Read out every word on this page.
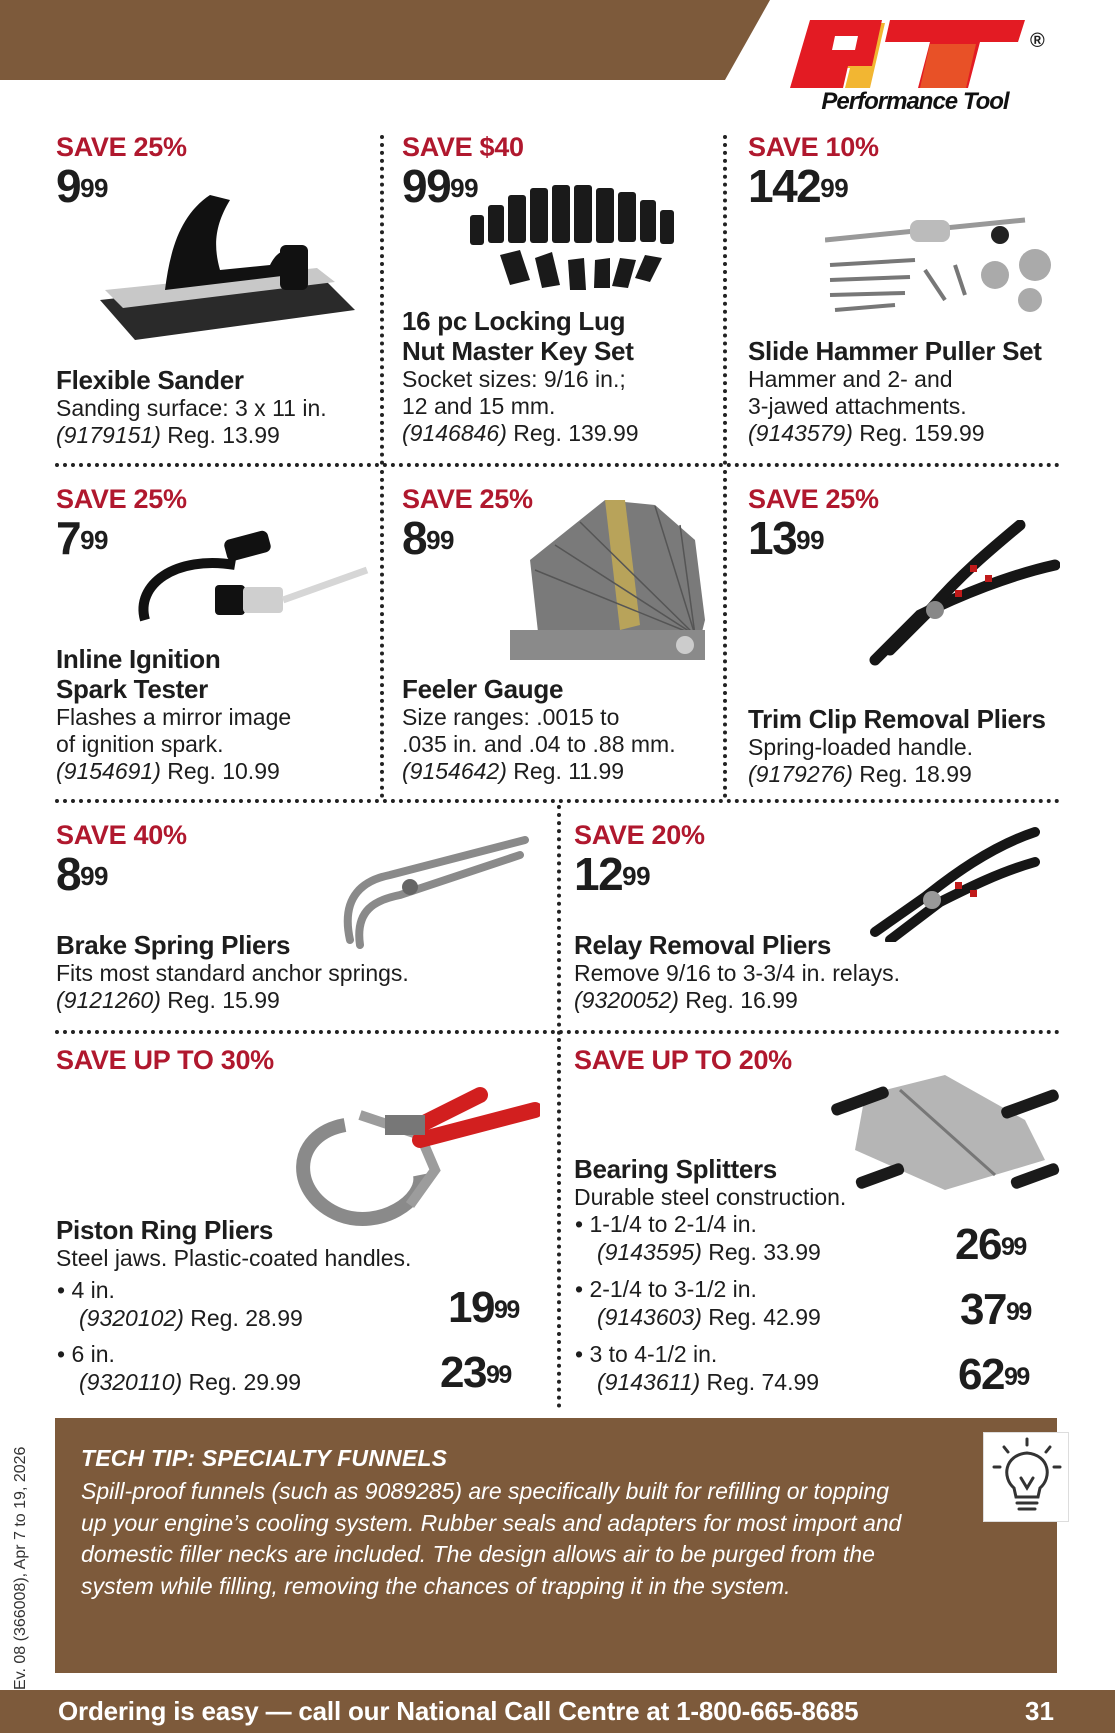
®
Performance Tool
SAVE 25%
$9^{99}$
Flexible Sander
Sanding surface: 3 x 11 in.
(9179151) Reg. 13.99
SAVE $40
$99^{99}$
16 pc Locking Lug
Nut Master Key Set
Socket sizes: 9/16 in.;
12 and 15 mm.
(9146846) Reg. 139.99
SAVE 10%
$142^{99}$
Slide Hammer Puller Set
Hammer and 2- and
3-jawed attachments.
(9143579) Reg. 159.99
SAVE 25%
$7^{99}$
Inline Ignition
Spark Tester
Flashes a mirror image
of ignition spark.
(9154691) Reg. 10.99
SAVE 25%
$8^{99}$
Feeler Gauge
Size ranges: .0015 to
.035 in. and .04 to .88 mm.
(9154642) Reg. 11.99
SAVE 25%
$13^{99}$
Trim Clip Removal Pliers
Spring-loaded handle.
(9179276) Reg. 18.99
SAVE 40%
$8^{99}$
Brake Spring Pliers
Fits most standard anchor springs.
(9121260) Reg. 15.99
SAVE 20%
$12^{99}$
Relay Removal Pliers
Remove 9/16 to 3-3/4 in. relays.
(9320052) Reg. 16.99
SAVE UP TO 30%
Piston Ring Pliers
Steel jaws. Plastic-coated handles.
• 4 in.
(9320102) Reg. 28.99	$19^{99}$
• 6 in.
(9320110) Reg. 29.99	$23^{99}$
SAVE UP TO 20%
Bearing Splitters
Durable steel construction.
• 1-1/4 to 2-1/4 in.
(9143595) Reg. 33.99	$26^{99}$
• 2-1/4 to 3-1/2 in.
(9143603) Reg. 42.99	$37^{99}$
• 3 to 4-1/2 in.
(9143611) Reg. 74.99	$62^{99}$
TECH TIP: SPECIALTY FUNNELS
Spill-proof funnels (such as 9089285) are specifically built for refilling or topping up your engine’s cooling system. Rubber seals and adapters for most import and domestic filler necks are included. The design allows air to be purged from the system while filling, removing the chances of trapping it in the system.
Ev. 08 (366008), Apr 7 to 19, 2026
Ordering is easy — call our National Call Centre at 1-800-665-8685	31
